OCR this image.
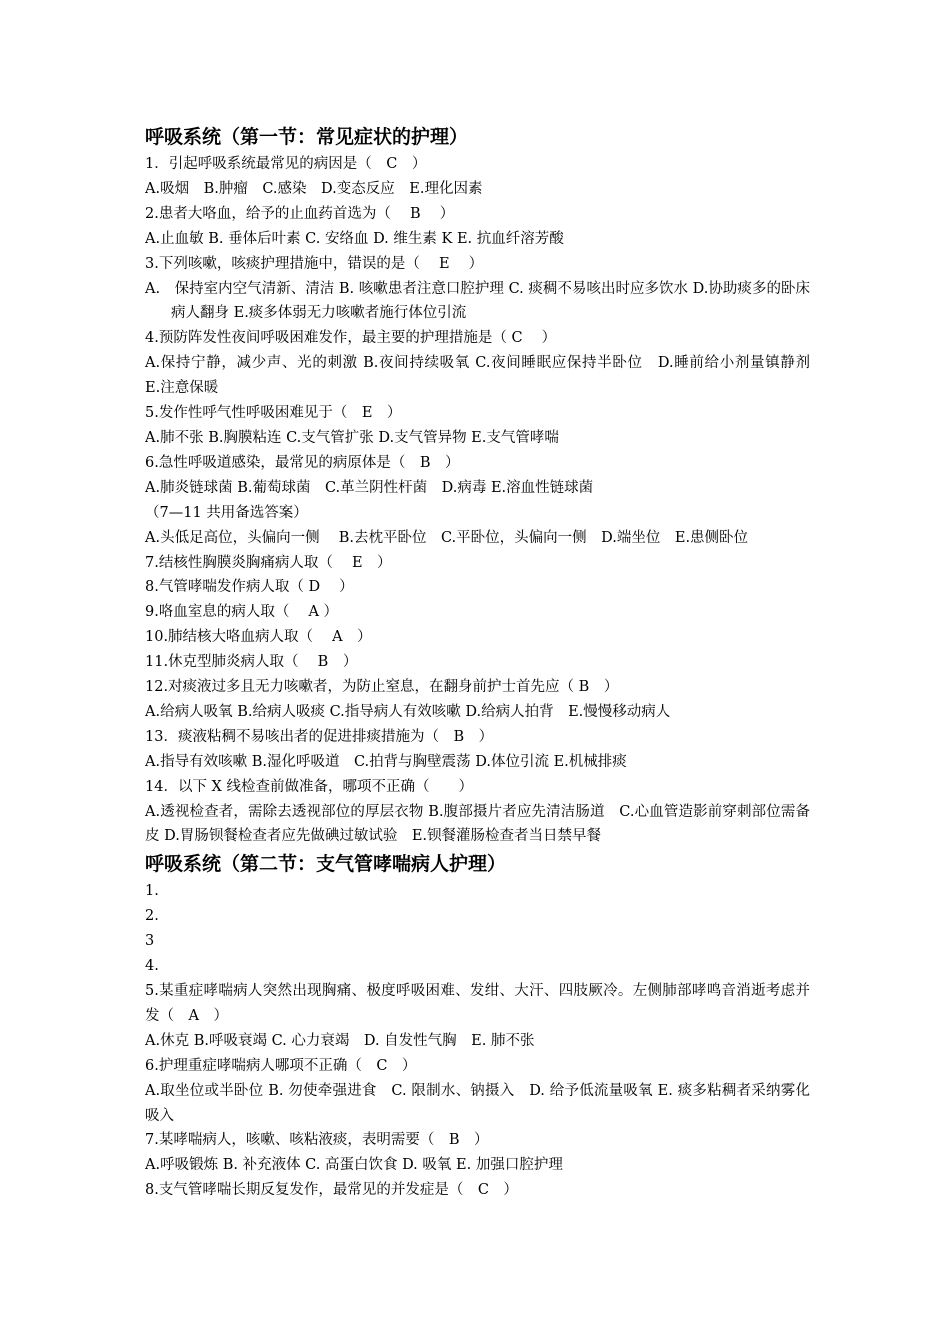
呼吸系统（第一节：常见症状的护理）
1．引起呼吸系统最常见的病因是（　C　）
A.吸烟　B.肿瘤　C.感染　D.变态反应　E.理化因素
2.患者大咯血，给予的止血药首选为（　 B　 ）
A.止血敏 B. 垂体后叶素 C. 安络血 D. 维生素 K E. 抗血纤溶芳酸
3.下列咳嗽，咳痰护理措施中，错误的是（　 E　 ）
A.　保持室内空气清新、清洁 B. 咳嗽患者注意口腔护理 C. 痰稠不易咳出时应多饮水 D.协助痰多的卧床病人翻身 E.痰多体弱无力咳嗽者施行体位引流
4.预防阵发性夜间呼吸困难发作，最主要的护理措施是（ C　 ）
A.保持宁静，减少声、光的刺激 B.夜间持续吸氧 C.夜间睡眠应保持半卧位　D.睡前给小剂量镇静剂　E.注意保暖
5.发作性呼气性呼吸困难见于（　E　）
A.肺不张 B.胸膜粘连 C.支气管扩张 D.支气管异物 E.支气管哮喘
6.急性呼吸道感染，最常见的病原体是（　B　）
A.肺炎链球菌 B.葡萄球菌　C.革兰阴性杆菌　D.病毒 E.溶血性链球菌
（7—11 共用备选答案）
A.头低足高位，头偏向一侧　 B.去枕平卧位　C.平卧位，头偏向一侧　D.端坐位　E.患侧卧位
7.结核性胸膜炎胸痛病人取（　 E　）
8.气管哮喘发作病人取（ D　 ）
9.咯血室息的病人取（　 A ）
10.肺结核大咯血病人取（　 A　）
11.休克型肺炎病人取（　 B　）
12.对痰液过多且无力咳嗽者，为防止窒息，在翻身前护士首先应（ B　）
A.给病人吸氧 B.给病人吸痰 C.指导病人有效咳嗽 D.给病人拍背　E.慢慢移动病人
13．痰液粘稠不易咳出者的促进排痰措施为（　B　）
A.指导有效咳嗽 B.湿化呼吸道　C.拍背与胸壁震荡 D.体位引流 E.机械排痰
14．以下 X 线检查前做准备，哪项不正确（　　）
A.透视检查者，需除去透视部位的厚层衣物 B.腹部摄片者应先清洁肠道　C.心血管造影前穿刺部位需备皮 D.胃肠钡餐检查者应先做碘过敏试验　E.钡餐灌肠检查者当日禁早餐
呼吸系统（第二节：支气管哮喘病人护理）
1.
2.
3
4.
5.某重症哮喘病人突然出现胸痛、极度呼吸困难、发绀、大汗、四肢厥冷。左侧肺部哮鸣音消逝考虑并发（　A　）
A.休克 B.呼吸衰竭 C. 心力衰竭　D. 自发性气胸　E. 肺不张
6.护理重症哮喘病人哪项不正确（　C　）
A.取坐位或半卧位 B. 勿使牵强进食　C. 限制水、钠摄入　D. 给予低流量吸氧 E. 痰多粘稠者采纳雾化吸入
7.某哮喘病人，咳嗽、咳粘液痰，表明需要（　B　）
A.呼吸锻炼 B. 补充液体 C. 高蛋白饮食 D. 吸氧 E. 加强口腔护理
8.支气管哮喘长期反复发作，最常见的并发症是（　C　）
